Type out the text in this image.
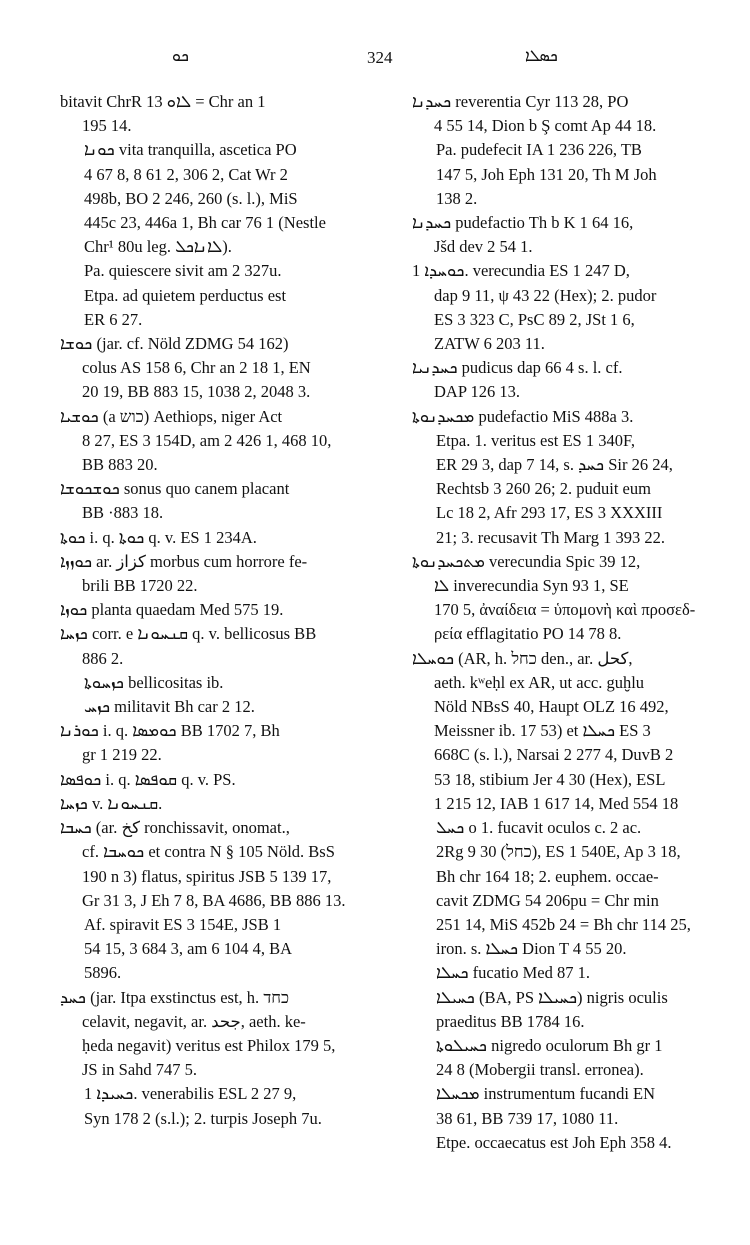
ܟܘ	324	ܟܣܠܐ
bitavit ChrR ܠܐܘ 13 = Chr an 1
195 14.
ܟܘܢܐ vita tranquilla, ascetica PO
4 67 8, 8 61 2, 306 2, Cat Wr 2
498b, BO 2 246, 260 (s. l.), MiS
445c 23, 446a 1, Bh car 76 1 (Nestle
Chr¹ 80u leg. ܠܐܢܐܟܠ).
Pa. quiescere sivit am 2 327u.
Etpa. ad quietem perductus est
ER 6 27.
ܟܘܫܐ (jar. cf. Nöld ZDMG 54 162)
colus AS 158 6, Chr an 2 18 1, EN
20 19, BB 883 15, 1038 2, 2048 3.
ܟܘܫܝܐ (a כוש) Aethiops, niger Act
8 27, ES 3 154D, am 2 426 1, 468 10,
BB 883 20.
ܟܘܫܟܘܫܐ sonus quo canem placant
BB ·883 18.
ܟܘܬܐ i. q. ܟܘܬܐ q. v. ES 1 234A.
ܟܘܙܙܐ ar. كزاز morbus cum horrore fe-
brili BB 1720 22.
ܟܘܙܐ planta quaedam Med 575 19.
ܟܙܚܐ corr. e ܩܢܚܘܢܐ q. v. bellicosus BB
886 2.
ܟܙܚܘܬܐ bellicositas ib.
ܟܙܚ militavit Bh car 2 12.
ܟܘܪܢܐ i. q. ܟܘܡܣܐ BB 1702 7, Bh
gr 1 219 22.
ܟܘܦܣܐ i. q. ܩܘܦܣܐ q. v. PS.
ܟܙܚܐ v. ܩܢܚܘܢܐ.
ܟܚܒܐ (ar. كخ ronchissavit, onomat.,
cf. ܟܘܚܒܐ et contra N § 105 Nöld. BsS
190 n 3) flatus, spiritus JSB 5 139 17,
Gr 31 3, J Eh 7 8, BA 4686, BB 886 13.
Af. spiravit ES 3 154E, JSB 1
54 15, 3 684 3, am 6 104 4, BA
5896.
ܟܚܕ (jar. Itpa exstinctus est, h. כחד
celavit, negavit, ar. جحد, aeth. ke-
ḥeda negavit) veritus est Philox 179 5,
JS in Sahd 747 5.
ܟܚܝܕܐ 1. venerabilis ESL 2 27 9,
Syn 178 2 (s.l.); 2. turpis Joseph 7u.
ܟܚܕܢܐ reverentia Cyr 113 28, PO
4 55 14, Dion b Ş comt Ap 44 18.
Pa. pudefecit IA 1 236 226, TB
147 5, Joh Eph 131 20, Th M Joh
138 2.
ܟܚܕܢܐ pudefactio Th b K 1 64 16,
Jšd dev 2 54 1.
ܟܘܚܕܐ 1. verecundia ES 1 247 D,
dap 9 11, ψ 43 22 (Hex); 2. pudor
ES 3 323 C, PsC 89 2, JSt 1 6,
ZATW 6 203 11.
ܟܚܕܢܝܐ pudicus dap 66 4 s. l. cf.
DAP 126 13.
ܡܟܚܕܢܘܬܐ pudefactio MiS 488a 3.
Etpa. 1. veritus est ES 1 340F,
ER 29 3, dap 7 14, s. ܟܚܕ Sir 26 24,
Rechtsb 3 260 26; 2. puduit eum
Lc 18 2, Afr 293 17, ES 3 XXXIII
21; 3. recusavit Th Marg 1 393 22.
ܡܬܟܚܕܢܘܬܐ verecundia Spic 39 12,
ܠܐ inverecundia Syn 93 1, SE
170 5, ἀναίδεια = ὑπομονὴ καὶ προσεδ-
ρεία efflagitatio PO 14 78 8.
ܟܘܚܠܐ (AR, h. כחל den., ar. كحل,
aeth. kʷeḥl ex AR, ut acc. guḫlu
Nöld NBsS 40, Haupt OLZ 16 492,
Meissner ib. 17 53) et ܟܚܠܐ ES 3
668C (s. l.), Narsai 2 277 4, DuvB 2
53 18, stibium Jer 4 30 (Hex), ESL
1 215 12, IAB 1 617 14, Med 554 18
ܟܚܠ o 1. fucavit oculos c. 2 ac.
2Rg 9 30 (כחל), ES 1 540E, Ap 3 18,
Bh chr 164 18; 2. euphem. occae-
cavit ZDMG 54 206pu = Chr min
251 14, MiS 452b 24 = Bh chr 114 25,
iron. s. ܟܚܠܐ Dion T 4 55 20.
ܟܚܠܐ fucatio Med 87 1.
ܟܚܝܠܐ (BA, PS ܟܚܝܠܐ) nigris oculis
praeditus BB 1784 16.
ܟܚܝܠܘܬܐ nigredo oculorum Bh gr 1
24 8 (Mobergii transl. erronea).
ܡܟܚܠܐ instrumentum fucandi EN
38 61, BB 739 17, 1080 11.
Etpe. occaecatus est Joh Eph 358 4.
